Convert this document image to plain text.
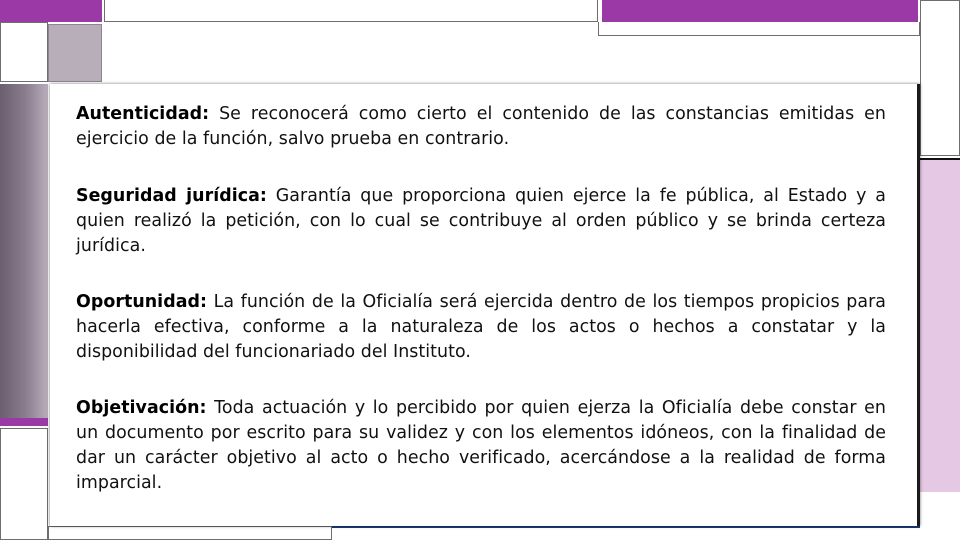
Autenticidad: Se reconocerá como cierto el contenido de las constancias emitidas en ejercicio de la función, salvo prueba en contrario.

Seguridad jurídica: Garantía que proporciona quien ejerce la fe pública, al Estado y a quien realizó la petición, con lo cual se contribuye al orden público y se brinda certeza jurídica.

Oportunidad: La función de la Oficialía será ejercida dentro de los tiempos propicios para hacerla efectiva, conforme a la naturaleza de los actos o hechos a constatar y la disponibilidad del funcionariado del Instituto.

Objetivación: Toda actuación y lo percibido por quien ejerza la Oficialía debe constar en un documento por escrito para su validez y con los elementos idóneos, con la finalidad de dar un carácter objetivo al acto o hecho verificado, acercándose a la realidad de forma imparcial.
